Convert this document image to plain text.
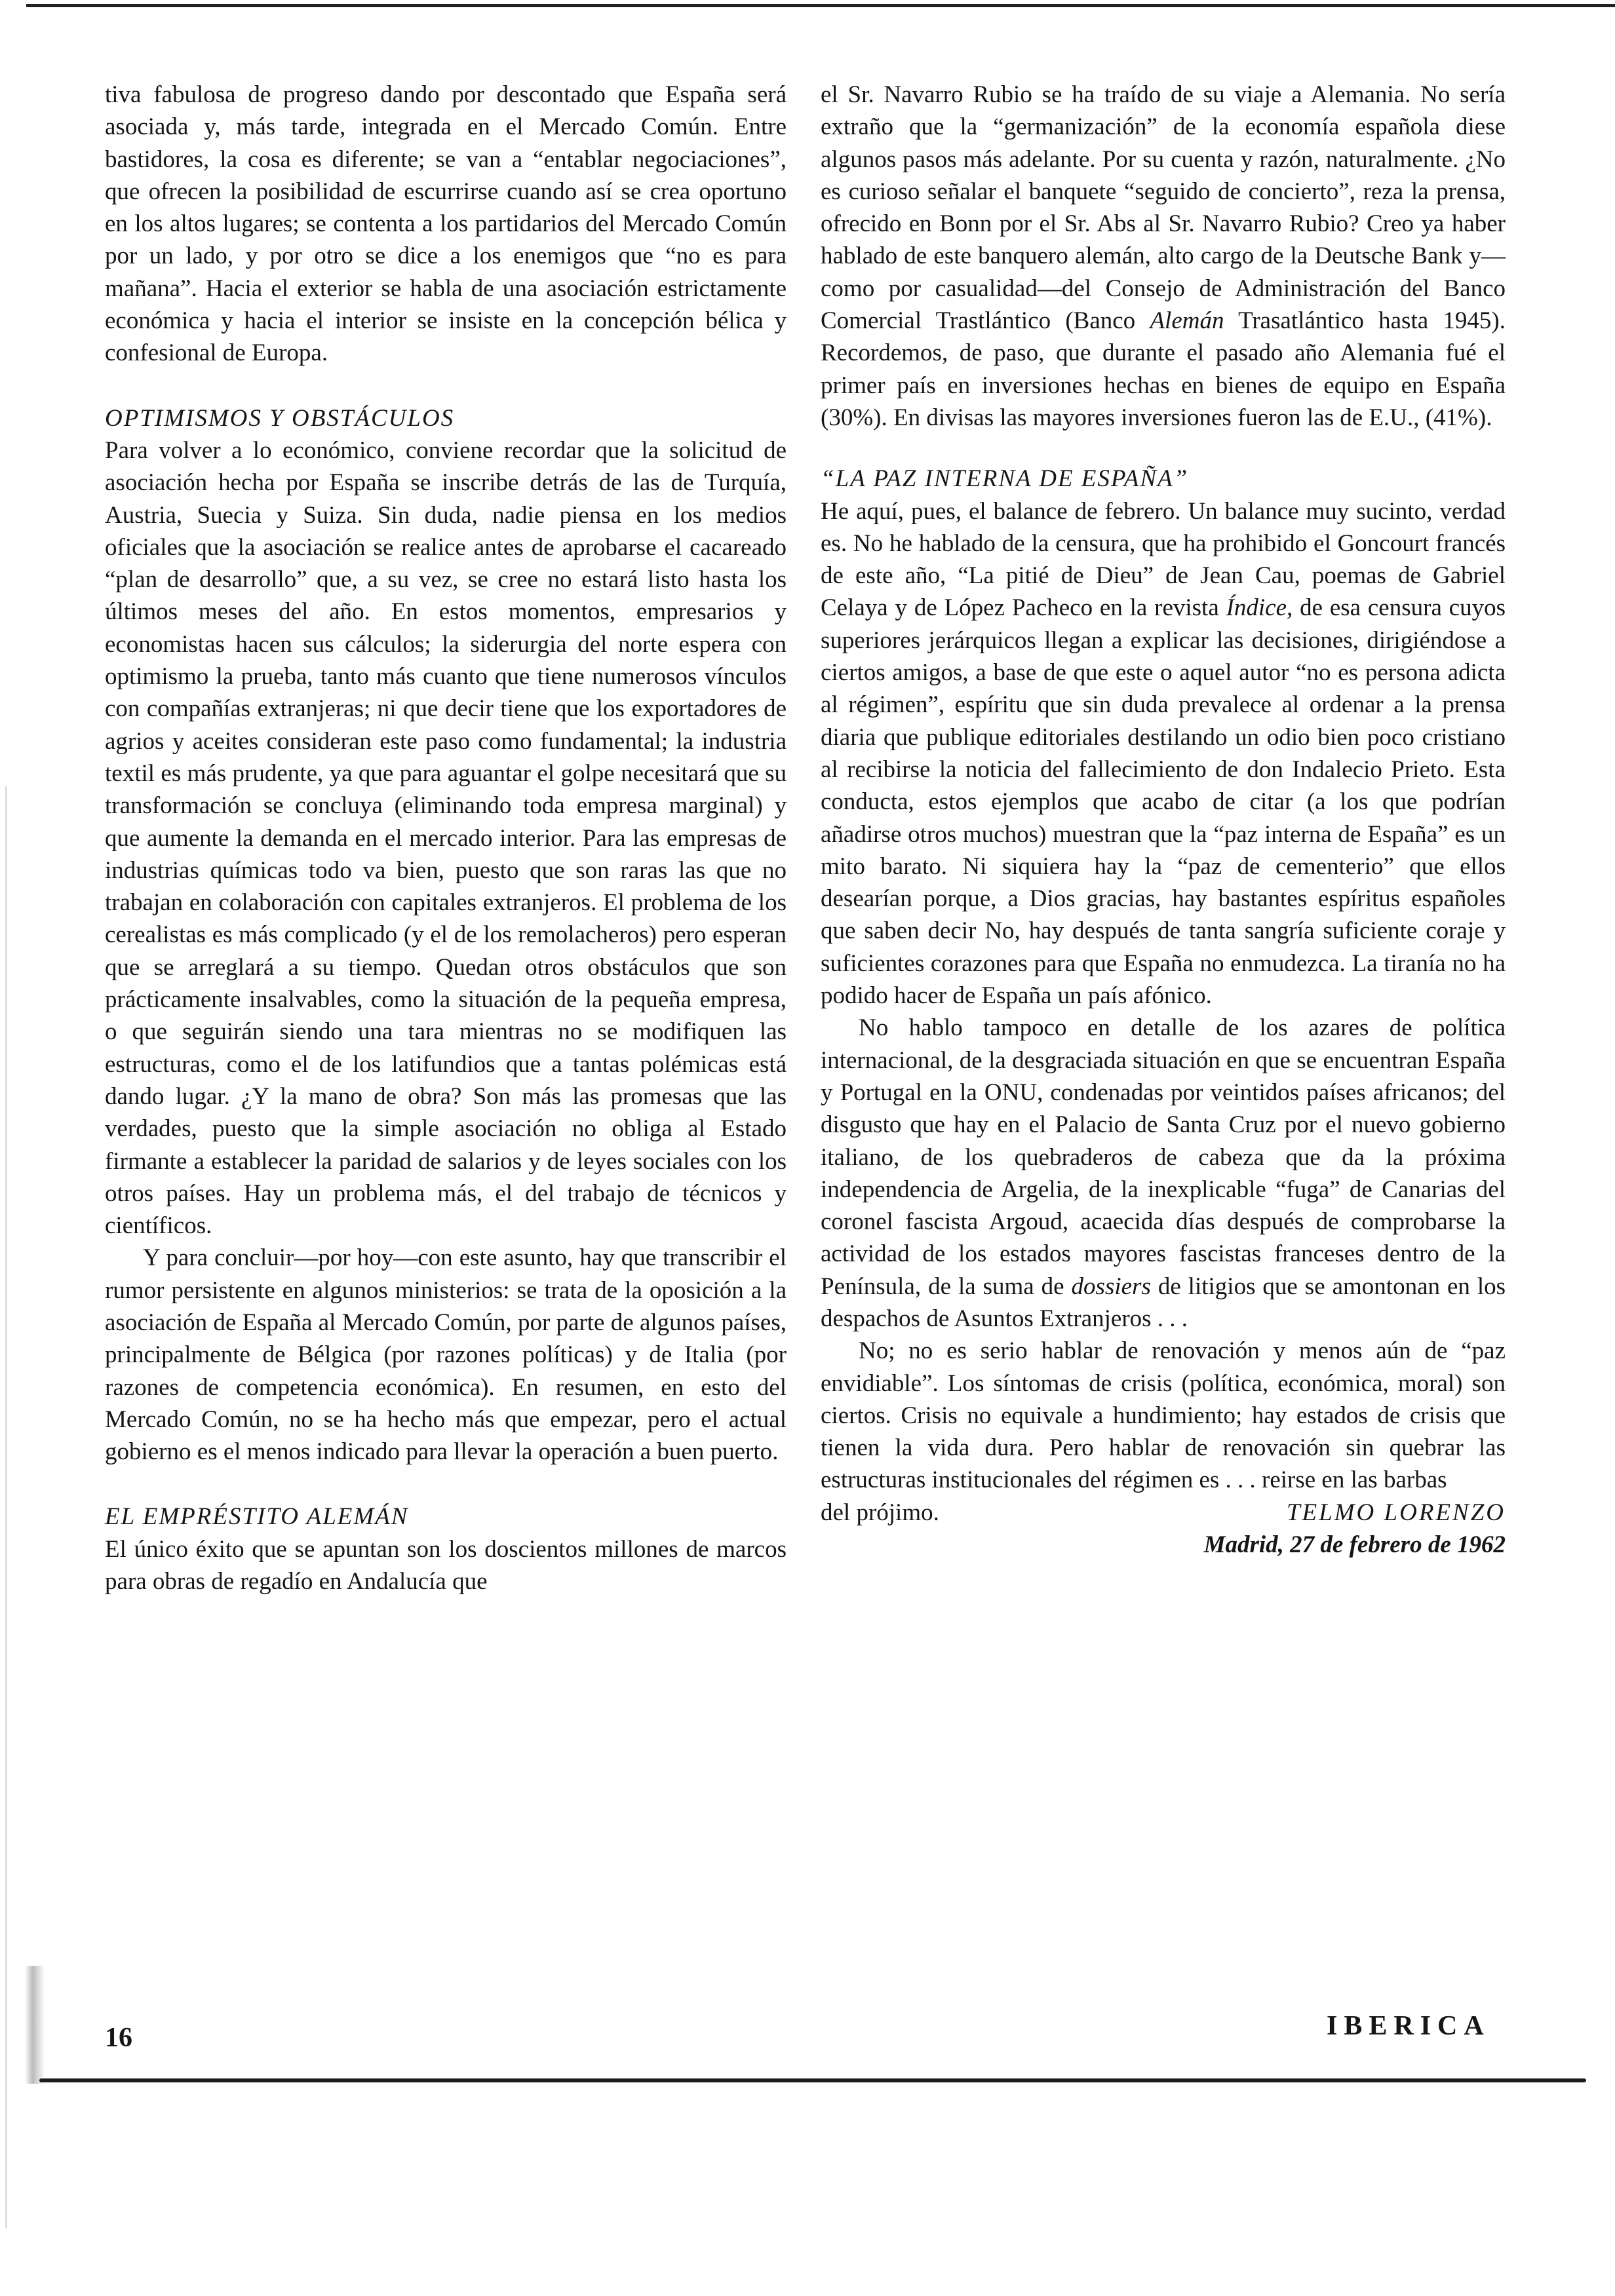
tiva fabulosa de progreso dando por descontado que España será asociada y, más tarde, integrada en el Mercado Común. Entre bastidores, la cosa es diferente; se van a “entablar negociaciones”, que ofrecen la posibilidad de escurrirse cuando así se crea oportuno en los altos lugares; se contenta a los partidarios del Mercado Común por un lado, y por otro se dice a los enemigos que “no es para mañana”. Hacia el exterior se habla de una asociación estrictamente económica y hacia el interior se insiste en la concepción bélica y confesional de Europa.

OPTIMISMOS Y OBSTÁCULOS

Para volver a lo económico, conviene recordar que la solicitud de asociación hecha por España se inscribe detrás de las de Turquía, Austria, Suecia y Suiza. Sin duda, nadie piensa en los medios oficiales que la asociación se realice antes de aprobarse el cacareado “plan de desarrollo” que, a su vez, se cree no estará listo hasta los últimos meses del año. En estos momentos, empresarios y economistas hacen sus cálculos; la siderurgia del norte espera con optimismo la prueba, tanto más cuanto que tiene numerosos vínculos con compañías extranjeras; ni que decir tiene que los exportadores de agrios y aceites consideran este paso como fundamental; la industria textil es más prudente, ya que para aguantar el golpe necesitará que su transformación se concluya (eliminando toda empresa marginal) y que aumente la demanda en el mercado interior. Para las empresas de industrias químicas todo va bien, puesto que son raras las que no trabajan en colaboración con capitales extranjeros. El problema de los cerealistas es más complicado (y el de los remolacheros) pero esperan que se arreglará a su tiempo. Quedan otros obstáculos que son prácticamente insalvables, como la situación de la pequeña empresa, o que seguirán siendo una tara mientras no se modifiquen las estructuras, como el de los latifundios que a tantas polémicas está dando lugar. ¿Y la mano de obra? Son más las promesas que las verdades, puesto que la simple asociación no obliga al Estado firmante a establecer la paridad de salarios y de leyes sociales con los otros países. Hay un problema más, el del trabajo de técnicos y científicos.

Y para concluir—por hoy—con este asunto, hay que transcribir el rumor persistente en algunos ministerios: se trata de la oposición a la asociación de España al Mercado Común, por parte de algunos países, principalmente de Bélgica (por razones políticas) y de Italia (por razones de competencia económica). En resumen, en esto del Mercado Común, no se ha hecho más que empezar, pero el actual gobierno es el menos indicado para llevar la operación a buen puerto.

EL EMPRÉSTITO ALEMÁN

El único éxito que se apuntan son los doscientos millones de marcos para obras de regadío en Andalucía que

el Sr. Navarro Rubio se ha traído de su viaje a Alemania. No sería extraño que la “germanización” de la economía española diese algunos pasos más adelante. Por su cuenta y razón, naturalmente. ¿No es curioso señalar el banquete “seguido de concierto”, reza la prensa, ofrecido en Bonn por el Sr. Abs al Sr. Navarro Rubio? Creo ya haber hablado de este banquero alemán, alto cargo de la Deutsche Bank y—como por casualidad—del Consejo de Administración del Banco Comercial Trastlántico (Banco Alemán Trasatlántico hasta 1945). Recordemos, de paso, que durante el pasado año Alemania fué el primer país en inversiones hechas en bienes de equipo en España (30%). En divisas las mayores inversiones fueron las de E.U., (41%).

“LA PAZ INTERNA DE ESPAÑA”

He aquí, pues, el balance de febrero. Un balance muy sucinto, verdad es. No he hablado de la censura, que ha prohibido el Goncourt francés de este año, “La pitié de Dieu” de Jean Cau, poemas de Gabriel Celaya y de López Pacheco en la revista Índice, de esa censura cuyos superiores jerárquicos llegan a explicar las decisiones, dirigiéndose a ciertos amigos, a base de que este o aquel autor “no es persona adicta al régimen”, espíritu que sin duda prevalece al ordenar a la prensa diaria que publique editoriales destilando un odio bien poco cristiano al recibirse la noticia del fallecimiento de don Indalecio Prieto. Esta conducta, estos ejemplos que acabo de citar (a los que podrían añadirse otros muchos) muestran que la “paz interna de España” es un mito barato. Ni siquiera hay la “paz de cementerio” que ellos desearían porque, a Dios gracias, hay bastantes espíritus españoles que saben decir No, hay después de tanta sangría suficiente coraje y suficientes corazones para que España no enmudezca. La tiranía no ha podido hacer de España un país afónico.

No hablo tampoco en detalle de los azares de política internacional, de la desgraciada situación en que se encuentran España y Portugal en la ONU, condenadas por veintidos países africanos; del disgusto que hay en el Palacio de Santa Cruz por el nuevo gobierno italiano, de los quebraderos de cabeza que da la próxima independencia de Argelia, de la inexplicable “fuga” de Canarias del coronel fascista Argoud, acaecida días después de comprobarse la actividad de los estados mayores fascistas franceses dentro de la Península, de la suma de dossiers de litigios que se amontonan en los despachos de Asuntos Extranjeros . . .

No; no es serio hablar de renovación y menos aún de “paz envidiable”. Los síntomas de crisis (política, económica, moral) son ciertos. Crisis no equivale a hundimiento; hay estados de crisis que tienen la vida dura. Pero hablar de renovación sin quebrar las estructuras institucionales del régimen es . . . reirse en las barbas

del prójimo.	TELMO LORENZO
Madrid, 27 de febrero de 1962
16	IBERICA
